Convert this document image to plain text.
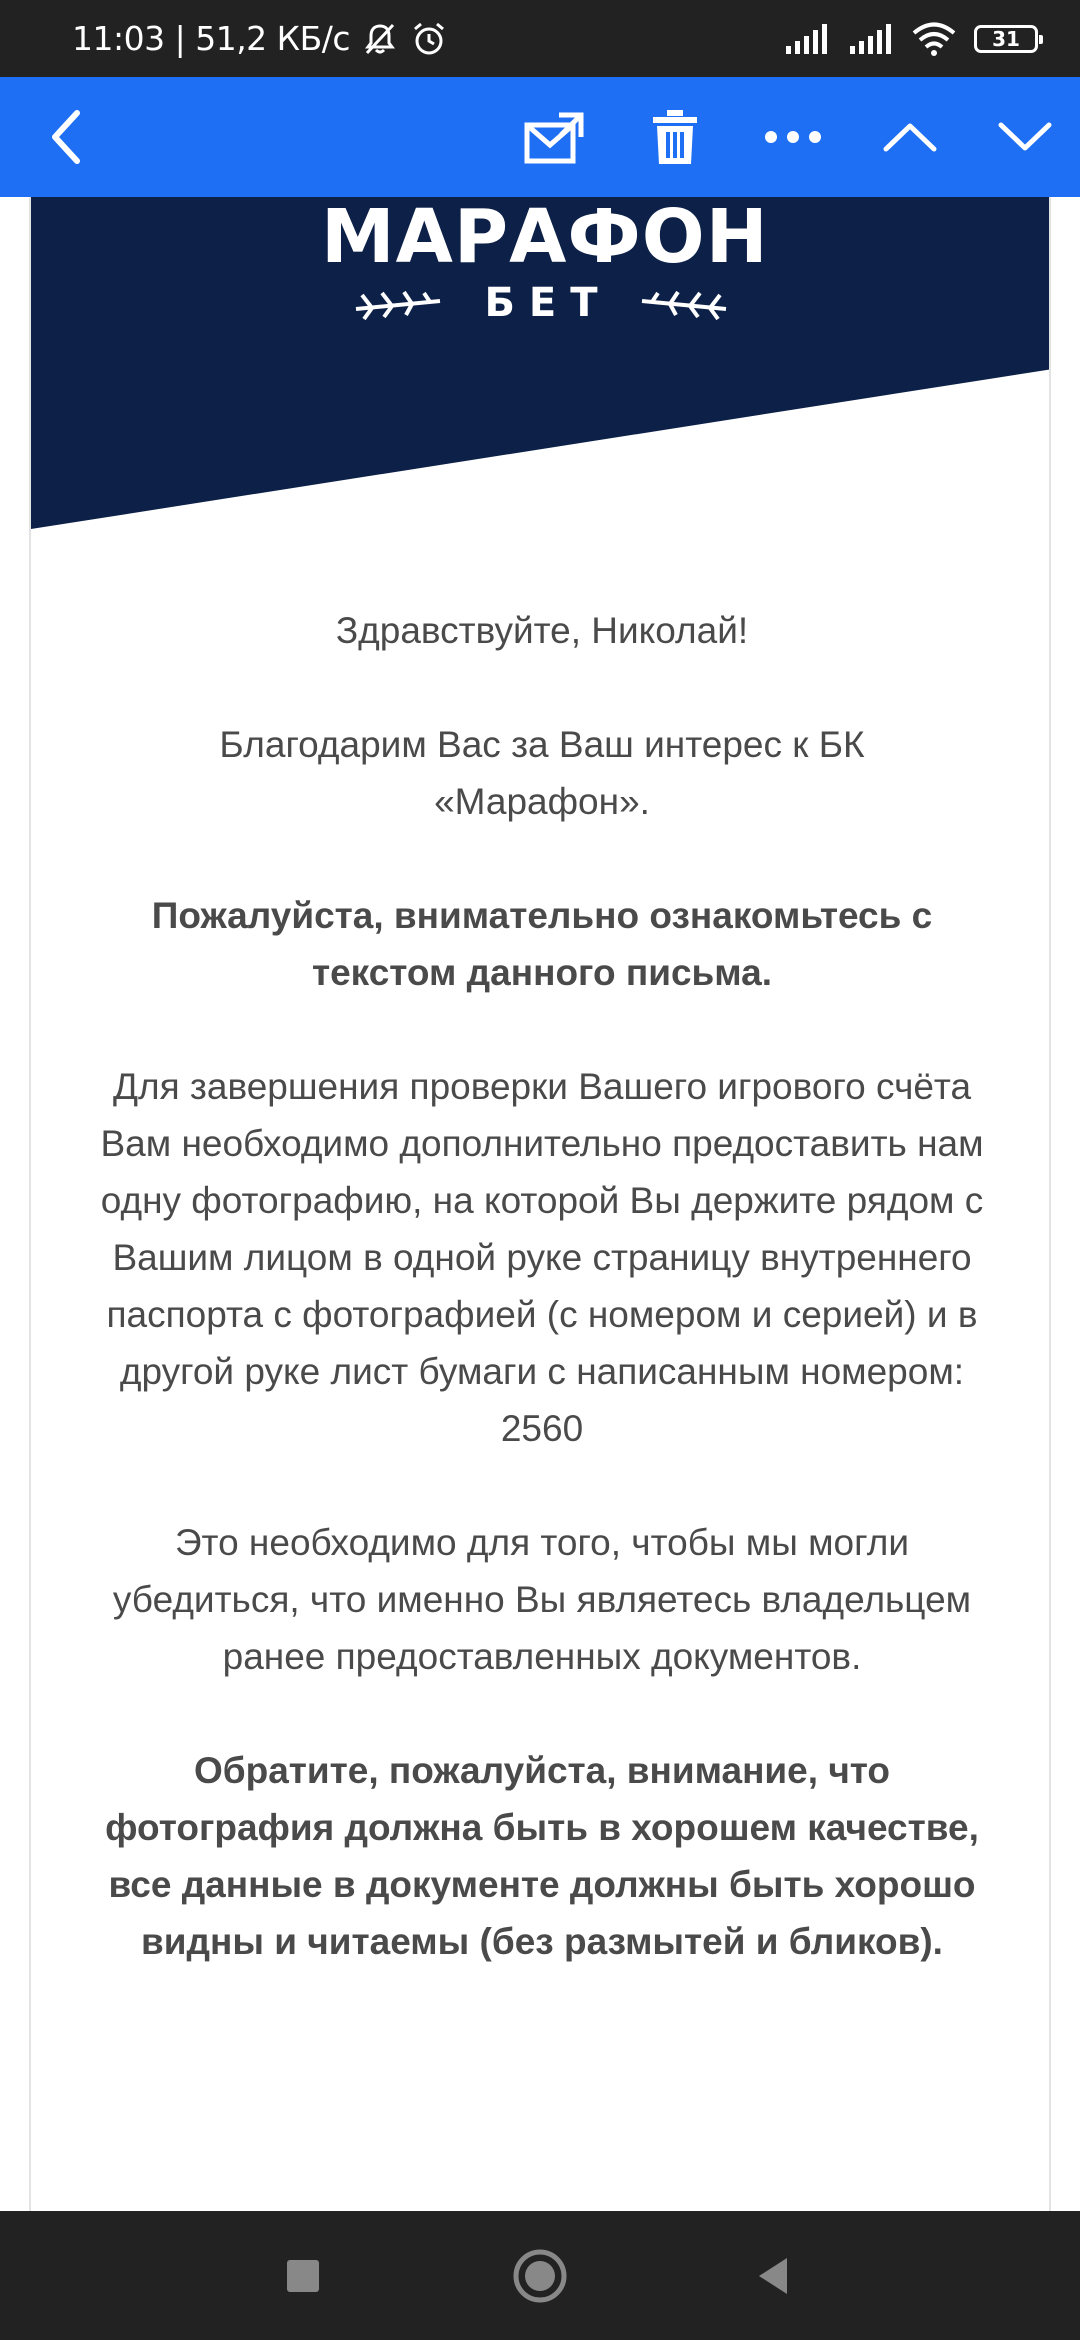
11:03 | 51,2 КБ/с	31
МАРАФОН
БЕТ

Здравствуйте, Николай!

Благодарим Вас за Ваш интерес к БК «Марафон».

Пожалуйста, внимательно ознакомьтесь с текстом данного письма.

Для завершения проверки Вашего игрового счёта Вам необходимо дополнительно предоставить нам одну фотографию, на которой Вы держите рядом с Вашим лицом в одной руке страницу внутреннего паспорта с фотографией (с номером и серией) и в другой руке лист бумаги с написанным номером: 2560

Это необходимо для того, чтобы мы могли убедиться, что именно Вы являетесь владельцем ранее предоставленных документов.

Обратите, пожалуйста, внимание, что фотография должна быть в хорошем качестве, все данные в документе должны быть хорошо видны и читаемы (без размытей и бликов).
